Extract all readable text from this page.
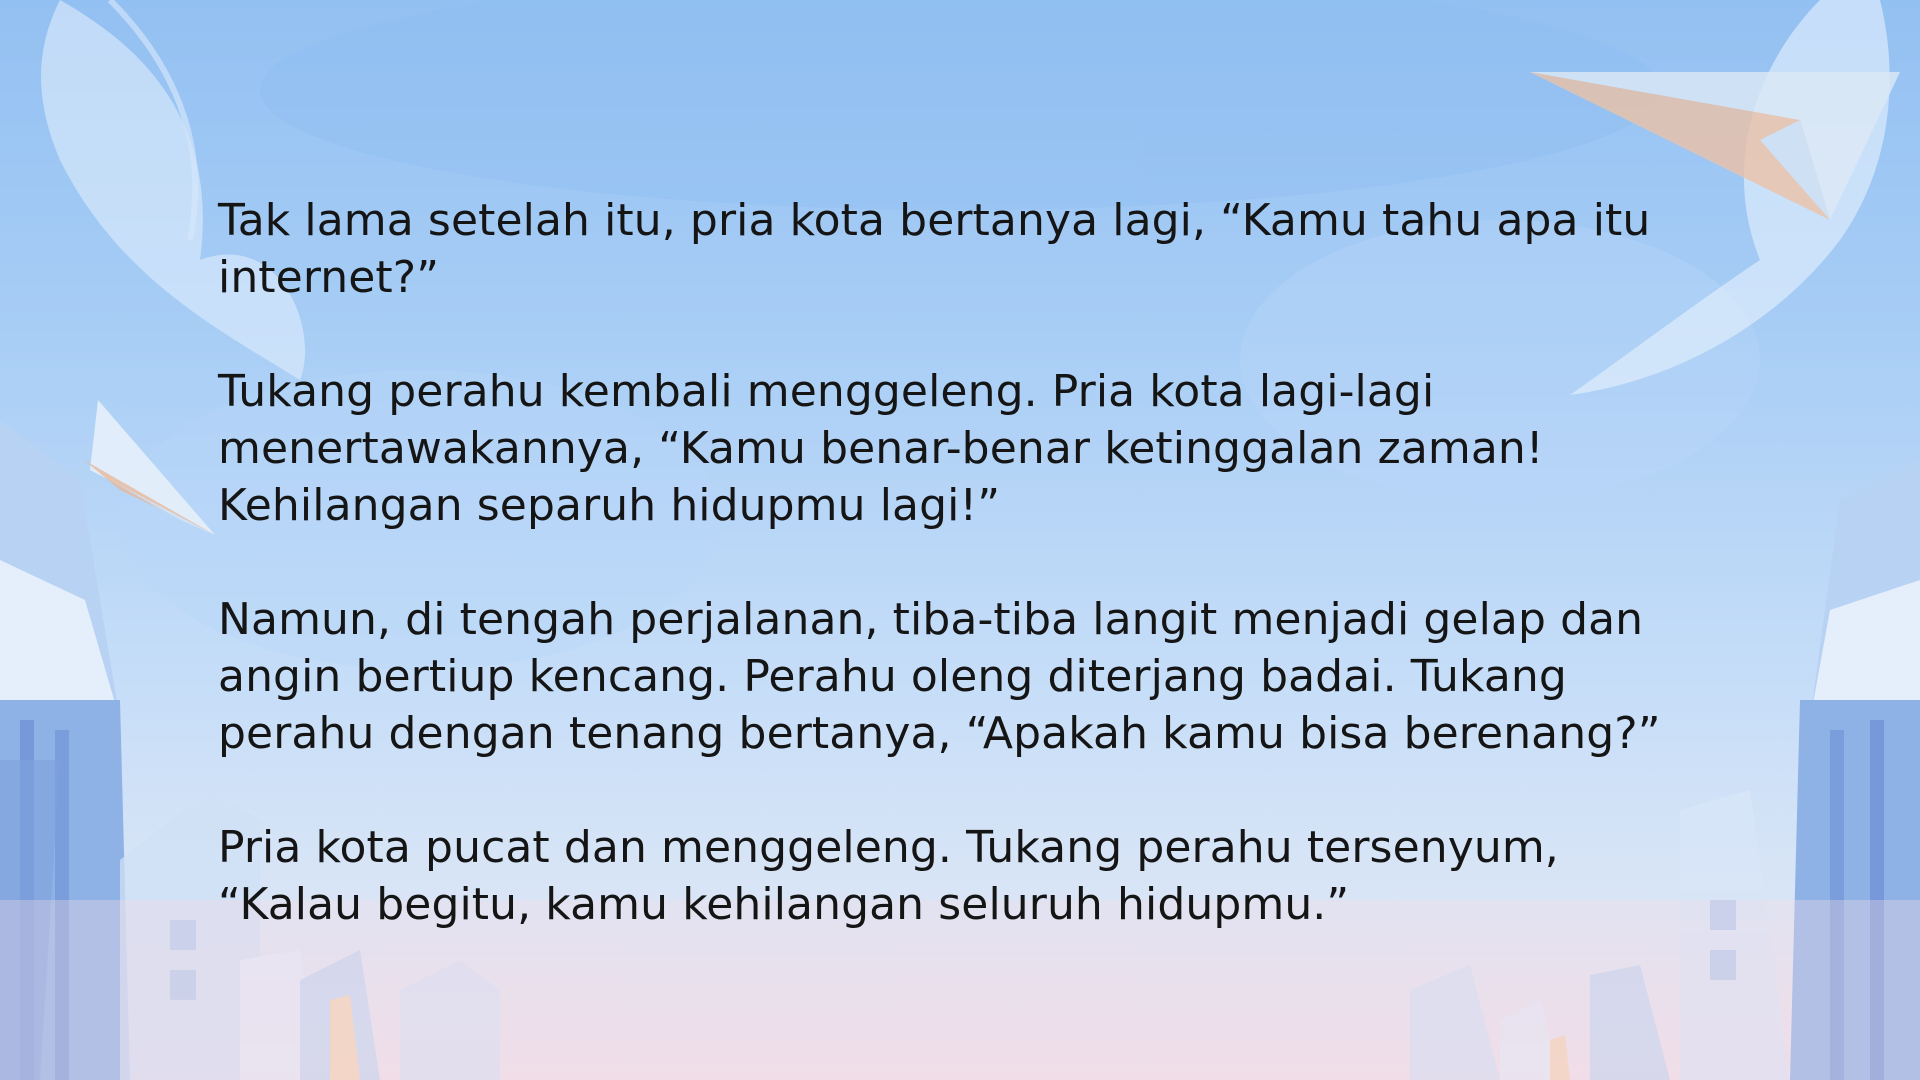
Tak lama setelah itu, pria kota bertanya lagi, “Kamu tahu apa itu internet?”

Tukang perahu kembali menggeleng. Pria kota lagi-lagi menertawakannya, “Kamu benar-benar ketinggalan zaman! Kehilangan separuh hidupmu lagi!”

Namun, di tengah perjalanan, tiba-tiba langit menjadi gelap dan angin bertiup kencang. Perahu oleng diterjang badai. Tukang perahu dengan tenang bertanya, “Apakah kamu bisa berenang?”

Pria kota pucat dan menggeleng. Tukang perahu tersenyum, “Kalau begitu, kamu kehilangan seluruh hidupmu.”
